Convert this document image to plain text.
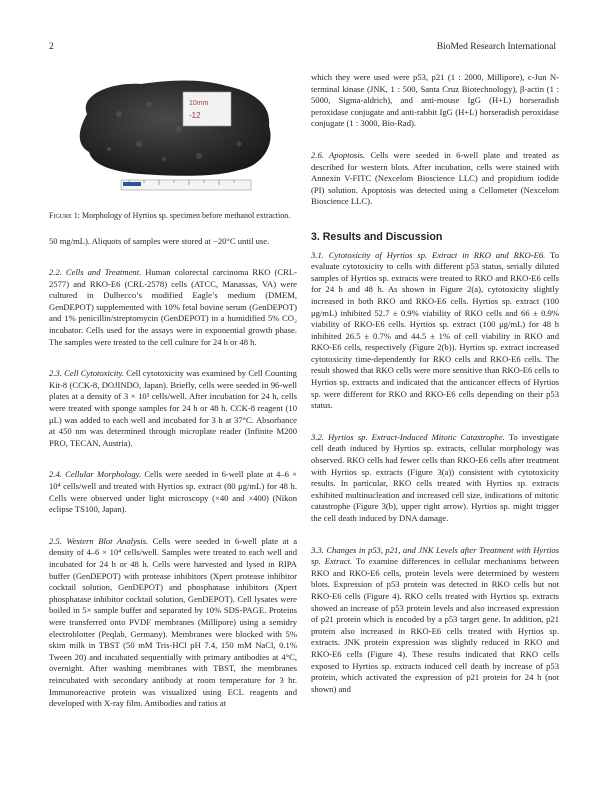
2	BioMed Research International
10mm
-12
Figure 1: Morphology of Hyrtios sp. specimen before methanol extraction.

50 mg/mL). Aliquots of samples were stored at −20°C until use.

2.2. Cells and Treatment. Human colorectal carcinoma RKO (CRL-2577) and RKO-E6 (CRL-2578) cells (ATCC, Manassas, VA) were cultured in Dulbecco’s modified Eagle’s medium (DMEM, GenDEPOT) supplemented with 10% fetal bovine serum (GenDEPOT) and 1% penicillin/streptomycin (GenDEPOT) in a humidified 5% CO₂ incubator. Cells used for the assays were in exponential growth phase. The samples were treated to the cell culture for 24 h or 48 h.

2.3. Cell Cytotoxicity. Cell cytotoxicity was examined by Cell Counting Kit-8 (CCK-8, DOJINDO, Japan). Briefly, cells were seeded in 96-well plates at a density of 3 × 10³ cells/well. After incubation for 24 h, cells were treated with sponge samples for 24 h or 48 h. CCK-8 reagent (10 μL) was added to each well and incubated for 3 h at 37°C. Absorbance at 450 nm was determined through microplate reader (Infinite M200 PRO, TECAN, Austria).

2.4. Cellular Morphology. Cells were seeded in 6-well plate at 4–6 × 10⁴ cells/well and treated with Hyrtios sp. extract (80 μg/mL) for 48 h. Cells were observed under light microscopy (×40 and ×400) (Nikon eclipse TS100, Japan).

2.5. Western Blot Analysis. Cells were seeded in 6-well plate at a density of 4–6 × 10⁴ cells/well. Samples were treated to each well and incubated for 24 h or 48 h. Cells were harvested and lysed in RIPA buffer (GenDEPOT) with protease inhibitors (Xpert protease inhibitor cocktail solution, GenDEPOT) and phosphatase inhibitors (Xpert phosphatase inhibitor cocktail solution, GenDEPOT). Cell lysates were boiled in 5× sample buffer and separated by 10% SDS-PAGE. Proteins were transferred onto PVDF membranes (Millipore) using a semidry electroblotter (Peqlab, Germany). Membranes were blocked with 5% skim milk in TBST (50 mM Tris-HCl pH 7.4, 150 mM NaCl, 0.1% Tween 20) and incubated sequentially with primary antibodies at 4°C, overnight. After washing membranes with TBST, the membranes reincubated with secondary antibody at room temperature for 3 hr. Immunoreactive protein was visualized using ECL reagents and developed with X-ray film. Antibodies and ratios at

which they were used were p53, p21 (1 : 2000, Millipore), c-Jun N-terminal kinase (JNK, 1 : 500, Santa Cruz Biotechnology), β-actin (1 : 5000, Sigma-aldrich), and anti-mouse IgG (H+L) horseradish peroxidase conjugate and anti-rabbit IgG (H+L) horseradish peroxidase conjugate (1 : 3000, Bio-Rad).

2.6. Apoptosis. Cells were seeded in 6-well plate and treated as described for western blots. After incubation, cells were stained with Annexin V-FITC (Nexcelom Bioscience LLC) and propidium iodide (PI) solution. Apoptosis was detected using a Cellometer (Nexcelom Bioscience LLC).

3. Results and Discussion

3.1. Cytotoxicity of Hyrtios sp. Extract in RKO and RKO-E6. To evaluate cytotoxicity to cells with different p53 status, serially diluted samples of Hyrtios sp. extracts were treated to RKO and RKO-E6 cells for 24 h and 48 h. As shown in Figure 2(a), cytotoxicity slightly increased in both RKO and RKO-E6 cells. Hyrtios sp. extract (100 μg/mL) inhibited 52.7 ± 0.9% viability of RKO cells and 66 ± 0.9% viability of RKO-E6 cells. Hyrtios sp. extract (100 μg/mL) for 48 h inhibited 26.5 ± 0.7% and 44.5 ± 1% of cell viability in RKO and RKO-E6 cells, respectively (Figure 2(b)). Hyrtios sp. extract increased cytotoxicity time-dependently for RKO cells and RKO-E6 cells. The result showed that RKO cells were more sensitive than RKO-E6 cells to Hyrtios sp. extracts and indicated that the anticancer effects of Hyrtios sp. were different for RKO and RKO-E6 cells depending on their p53 status.

3.2. Hyrtios sp. Extract-Induced Mitotic Catastrophe. To investigate cell death induced by Hyrtios sp. extracts, cellular morphology was observed. RKO cells had fewer cells than RKO-E6 cells after treatment with Hyrtios sp. extracts (Figure 3(a)) consistent with cytotoxicity results. In particular, RKO cells treated with Hyrtios sp. extracts exhibited multinucleation and increased cell size, indications of mitotic catastrophe (Figure 3(b), upper right arrow). Hyrtios sp. might trigger the cell death induced by DNA damage.

3.3. Changes in p53, p21, and JNK Levels after Treatment with Hyrtios sp. Extract. To examine differences in cellular mechanisms between RKO and RKO-E6 cells, protein levels were determined by western blots. Expression of p53 protein was detected in RKO cells but not RKO-E6 cells (Figure 4). RKO cells treated with Hyrtios sp. extracts showed an increase of p53 protein levels and also increased expression of p21 protein which is encoded by a p53 target gene. In addition, p21 protein also increased in RKO-E6 cells treated with Hyrtios sp. extracts. JNK protein expression was slightly reduced in RKO and RKO-E6 cells (Figure 4). These results indicated that RKO cells exposed to Hyrtios sp. extracts induced cell death by increase of p53 protein, which activated the expression of p21 protein for 24 h (not shown) and
